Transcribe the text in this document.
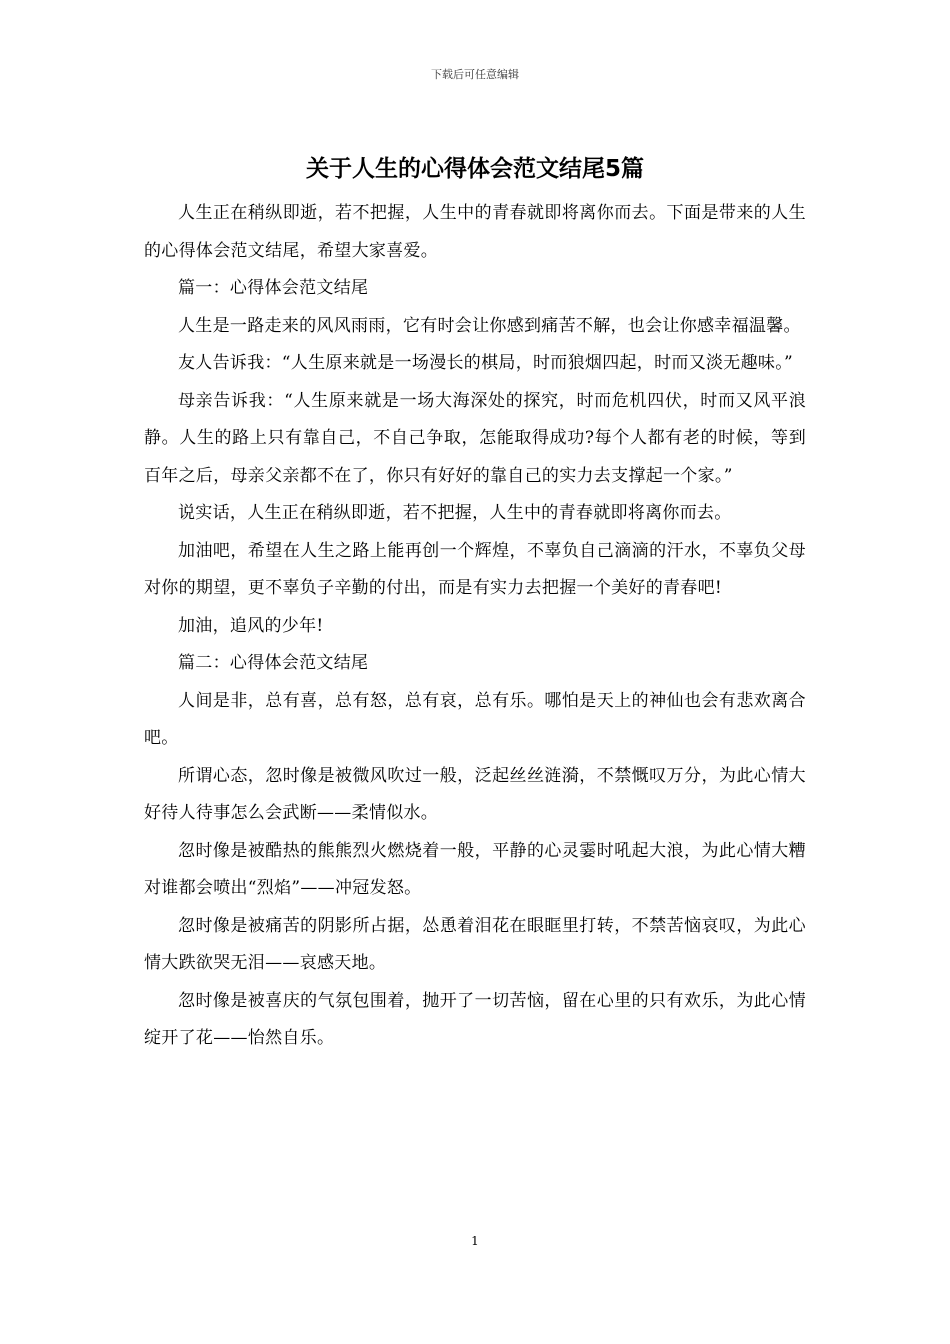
下载后可任意编辑
关于人生的心得体会范文结尾5篇

人生正在稍纵即逝，若不把握，人生中的青春就即将离你而去。下面是带来的人生的心得体会范文结尾，希望大家喜爱。

篇一：心得体会范文结尾

人生是一路走来的风风雨雨，它有时会让你感到痛苦不解，也会让你感幸福温馨。

友人告诉我：“人生原来就是一场漫长的棋局，时而狼烟四起，时而又淡无趣味。”

母亲告诉我：“人生原来就是一场大海深处的探究，时而危机四伏，时而又风平浪静。人生的路上只有靠自己，不自己争取，怎能取得成功?每个人都有老的时候，等到百年之后，母亲父亲都不在了，你只有好好的靠自己的实力去支撑起一个家。”

说实话，人生正在稍纵即逝，若不把握，人生中的青春就即将离你而去。

加油吧，希望在人生之路上能再创一个辉煌，不辜负自己滴滴的汗水，不辜负父母对你的期望，更不辜负子辛勤的付出，而是有实力去把握一个美好的青春吧!

加油，追风的少年!

篇二：心得体会范文结尾

人间是非，总有喜，总有怒，总有哀，总有乐。哪怕是天上的神仙也会有悲欢离合吧。

所谓心态，忽时像是被微风吹过一般，泛起丝丝涟漪，不禁慨叹万分，为此心情大好待人待事怎么会武断——柔情似水。

忽时像是被酷热的熊熊烈火燃烧着一般，平静的心灵霎时吼起大浪，为此心情大糟对谁都会喷出“烈焰”——冲冠发怒。

忽时像是被痛苦的阴影所占据，怂恿着泪花在眼眶里打转，不禁苦恼哀叹，为此心情大跌欲哭无泪——哀感天地。

忽时像是被喜庆的气氛包围着，抛开了一切苦恼，留在心里的只有欢乐，为此心情绽开了花——怡然自乐。

1
